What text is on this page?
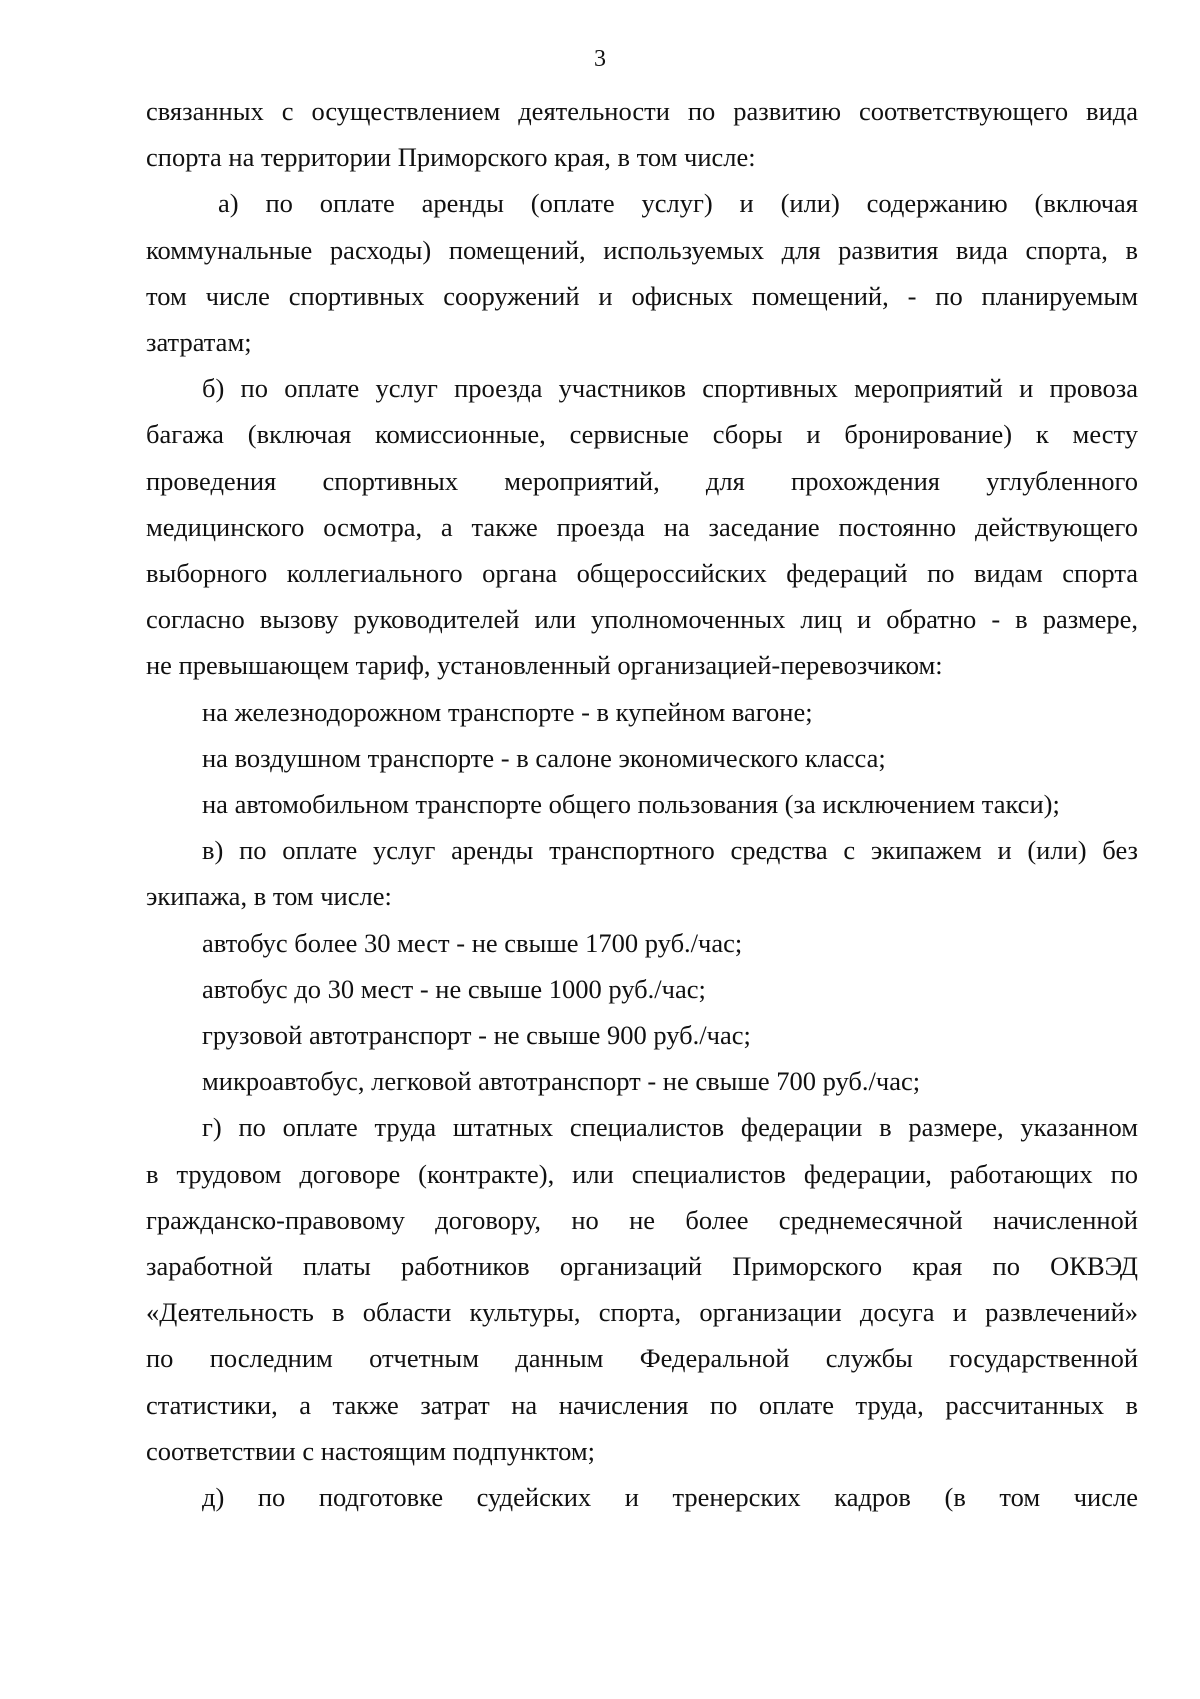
3

связанных с осуществлением деятельности по развитию соответствующего вида

спорта на территории Приморского края, в том числе:

а) по оплате аренды (оплате услуг) и (или) содержанию (включая

коммунальные расходы) помещений, используемых для развития вида спорта, в

том числе спортивных сооружений и офисных помещений, - по планируемым

затратам;

б) по оплате услуг проезда участников спортивных мероприятий и провоза

багажа (включая комиссионные, сервисные сборы и бронирование) к месту

проведения спортивных мероприятий, для прохождения углубленного

медицинского осмотра, а также проезда на заседание постоянно действующего

выборного коллегиального органа общероссийских федераций по видам спорта

согласно вызову руководителей или уполномоченных лиц и обратно - в размере,

не превышающем тариф, установленный организацией-перевозчиком:

на железнодорожном транспорте - в купейном вагоне;

на воздушном транспорте - в салоне экономического класса;

на автомобильном транспорте общего пользования (за исключением такси);

в) по оплате услуг аренды транспортного средства с экипажем и (или) без

экипажа, в том числе:

автобус более 30 мест - не свыше 1700 руб./час;

автобус до 30 мест - не свыше 1000 руб./час;

грузовой автотранспорт - не свыше 900 руб./час;

микроавтобус, легковой автотранспорт - не свыше 700 руб./час;

г) по оплате труда штатных специалистов федерации в размере, указанном

в трудовом договоре (контракте), или специалистов федерации, работающих по

гражданско-правовому договору, но не более среднемесячной начисленной

заработной платы работников организаций Приморского края по ОКВЭД

«Деятельность в области культуры, спорта, организации досуга и развлечений»

по последним отчетным данным Федеральной службы государственной

статистики, а также затрат на начисления по оплате труда, рассчитанных в

соответствии с настоящим подпунктом;

д) по подготовке судейских и тренерских кадров (в том числе
